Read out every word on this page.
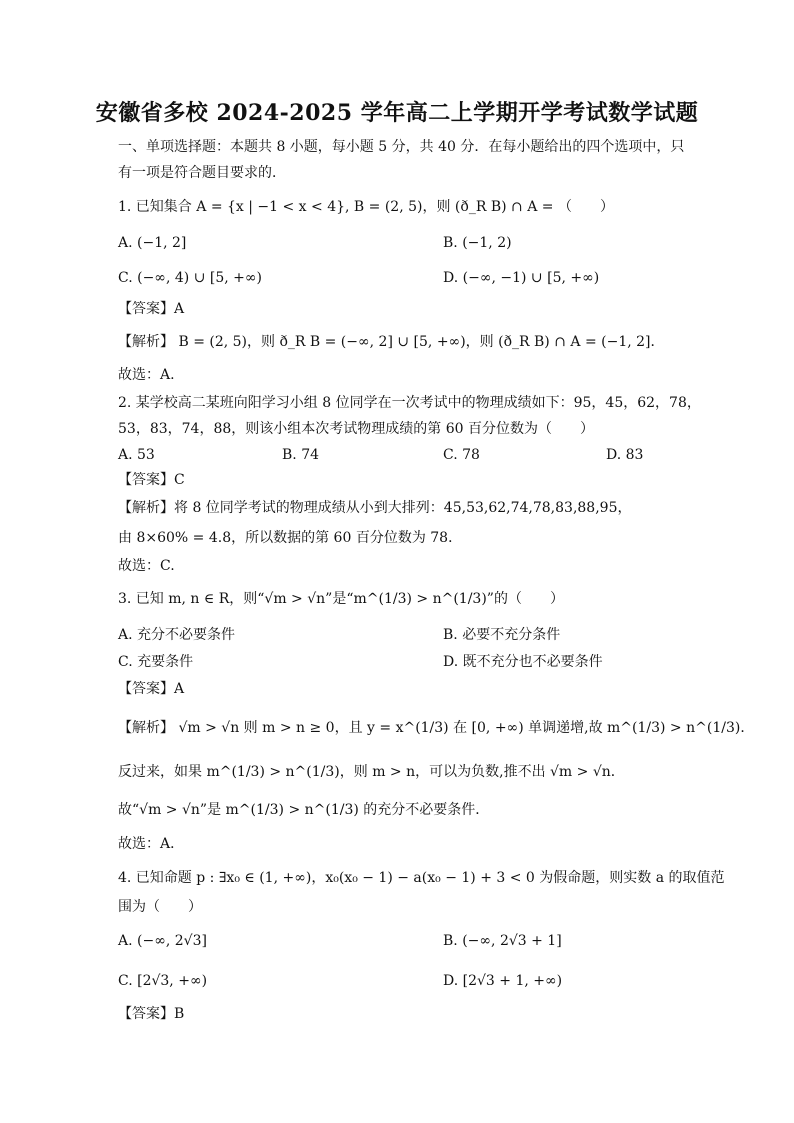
安徽省多校 2024-2025 学年高二上学期开学考试数学试题
一、单项选择题：本题共 8 小题，每小题 5 分，共 40 分．在每小题给出的四个选项中，只
有一项是符合题目要求的．
1. 已知集合 A = {x | −1 < x < 4}, B = (2, 5)，则 (ð_R B) ∩ A = （　　）
A. (−1, 2]	B. (−1, 2)
C. (−∞, 4) ∪ [5, +∞)	D. (−∞, −1) ∪ [5, +∞)
【答案】A
【解析】 B = (2, 5)，则 ð_R B = (−∞, 2] ∪ [5, +∞)，则 (ð_R B) ∩ A = (−1, 2]．
故选：A.
2. 某学校高二某班向阳学习小组 8 位同学在一次考试中的物理成绩如下：95，45，62，78，
53，83，74，88，则该小组本次考试物理成绩的第 60 百分位数为（　　）
A. 53	B. 74	C. 78	D. 83
【答案】C
【解析】将 8 位同学考试的物理成绩从小到大排列：45,53,62,74,78,83,88,95，
由 8×60% = 4.8，所以数据的第 60 百分位数为 78．
故选：C.
3. 已知 m, n ∈ R，则“√m > √n”是“m^(1/3) > n^(1/3)”的（　　）
A. 充分不必要条件	B. 必要不充分条件
C. 充要条件	D. 既不充分也不必要条件
【答案】A
【解析】 √m > √n 则 m > n ≥ 0，且 y = x^(1/3) 在 [0, +∞) 单调递增,故 m^(1/3) > n^(1/3)．
反过来，如果 m^(1/3) > n^(1/3)，则 m > n，可以为负数,推不出 √m > √n．
故“√m > √n”是 m^(1/3) > n^(1/3) 的充分不必要条件．
故选：A．
4. 已知命题 p : ∃x₀ ∈ (1, +∞)，x₀(x₀ − 1) − a(x₀ − 1) + 3 < 0 为假命题，则实数 a 的取值范
围为（　　）
A. (−∞, 2√3]	B. (−∞, 2√3 + 1]
C. [2√3, +∞)	D. [2√3 + 1, +∞)
【答案】B
